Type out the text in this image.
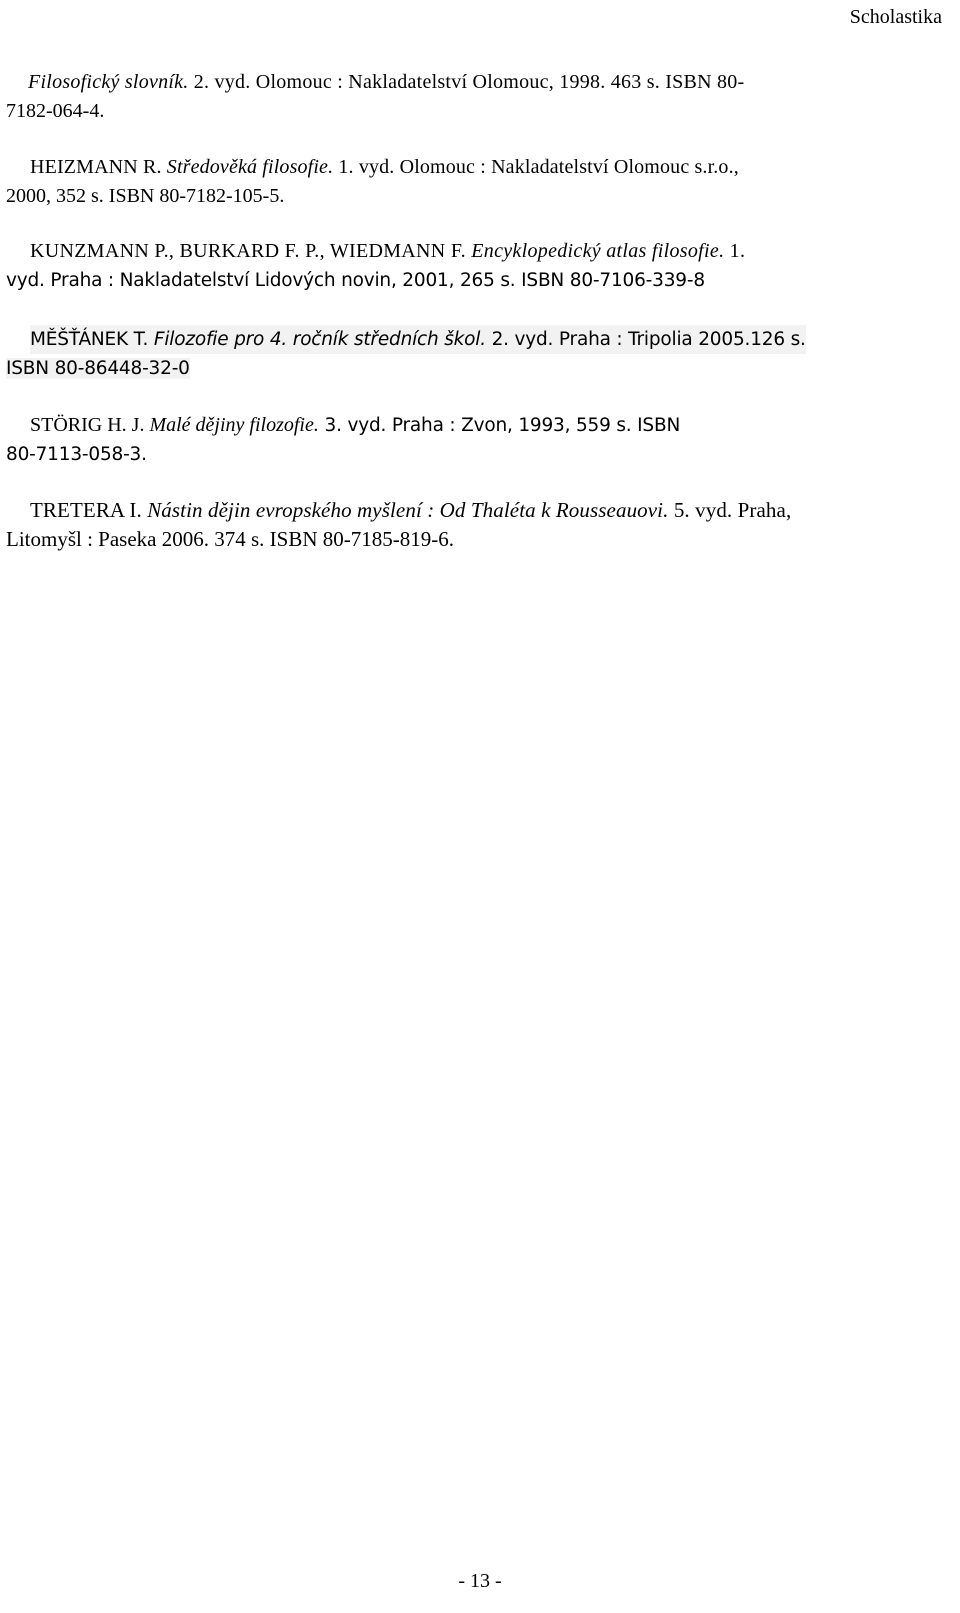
Scholastika
Filosofický slovník. 2. vyd. Olomouc : Nakladatelství Olomouc, 1998. 463 s. ISBN 80-
7182-064-4.
HEIZMANN R. Středověká filosofie. 1. vyd. Olomouc : Nakladatelství Olomouc s.r.o.,
2000, 352 s. ISBN 80-7182-105-5.
KUNZMANN P., BURKARD F. P., WIEDMANN F. Encyklopedický atlas filosofie. 1.
vyd. Praha : Nakladatelství Lidových novin, 2001, 265 s. ISBN 80-7106-339-8
MĚŠŤÁNEK T. Filozofie pro 4. ročník středních škol. 2. vyd. Praha : Tripolia 2005.126 s.
ISBN 80-86448-32-0
STÖRIG H. J. Malé dějiny filozofie. 3. vyd. Praha : Zvon, 1993, 559 s. ISBN
80-7113-058-3.
TRETERA I. Nástin dějin evropského myšlení : Od Thaléta k Rousseauovi. 5. vyd. Praha,
Litomyšl : Paseka 2006. 374 s. ISBN 80-7185-819-6.
- 13 -
